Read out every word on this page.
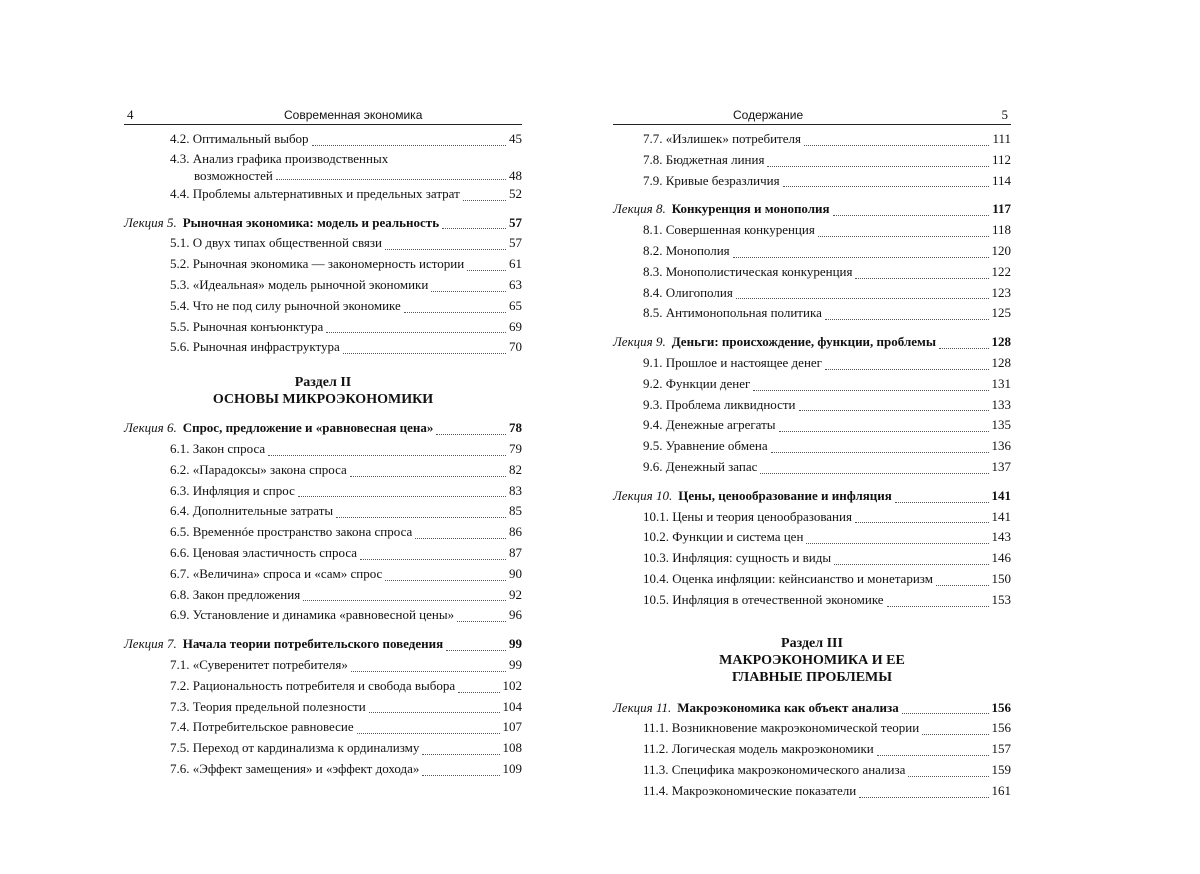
4	Современная экономика
4.2. Оптимальный выбор	45
4.3. Анализ графика производственных
возможностей	48
4.4. Проблемы альтернативных и предельных затрат	52
Лекция 5. Рыночная экономика: модель и реальность	57
5.1. О двух типах общественной связи	57
5.2. Рыночная экономика — закономерность истории	61
5.3. «Идеальная» модель рыночной экономики	63
5.4. Что не под силу рыночной экономике	65
5.5. Рыночная конъюнктура	69
5.6. Рыночная инфраструктура	70
Раздел II
ОСНОВЫ МИКРОЭКОНОМИКИ
Лекция 6. Спрос, предложение и «равновесная цена»	78
6.1. Закон спроса	79
6.2. «Парадоксы» закона спроса	82
6.3. Инфляция и спрос	83
6.4. Дополнительные затраты	85
6.5. Временнóе пространство закона спроса	86
6.6. Ценовая эластичность спроса	87
6.7. «Величина» спроса и «сам» спрос	90
6.8. Закон предложения	92
6.9. Установление и динамика «равновесной цены»	96
Лекция 7. Начала теории потребительского поведения	99
7.1. «Суверенитет потребителя»	99
7.2. Рациональность потребителя и свобода выбора	102
7.3. Теория предельной полезности	104
7.4. Потребительское равновесие	107
7.5. Переход от кардинализма к ординализму	108
7.6. «Эффект замещения» и «эффект дохода»	109
Содержание	5
7.7. «Излишек» потребителя	111
7.8. Бюджетная линия	112
7.9. Кривые безразличия	114
Лекция 8. Конкуренция и монополия	117
8.1. Совершенная конкуренция	118
8.2. Монополия	120
8.3. Монополистическая конкуренция	122
8.4. Олигополия	123
8.5. Антимонопольная политика	125
Лекция 9. Деньги: происхождение, функции, проблемы	128
9.1. Прошлое и настоящее денег	128
9.2. Функции денег	131
9.3. Проблема ликвидности	133
9.4. Денежные агрегаты	135
9.5. Уравнение обмена	136
9.6. Денежный запас	137
Лекция 10. Цены, ценообразование и инфляция	141
10.1. Цены и теория ценообразования	141
10.2. Функции и система цен	143
10.3. Инфляция: сущность и виды	146
10.4. Оценка инфляции: кейнсианство и монетаризм	150
10.5. Инфляция в отечественной экономике	153
Раздел III
МАКРОЭКОНОМИКА И ЕЕ
ГЛАВНЫЕ ПРОБЛЕМЫ
Лекция 11. Макроэкономика как объект анализа	156
11.1. Возникновение макроэкономической теории	156
11.2. Логическая модель макроэкономики	157
11.3. Специфика макроэкономического анализа	159
11.4. Макроэкономические показатели	161
